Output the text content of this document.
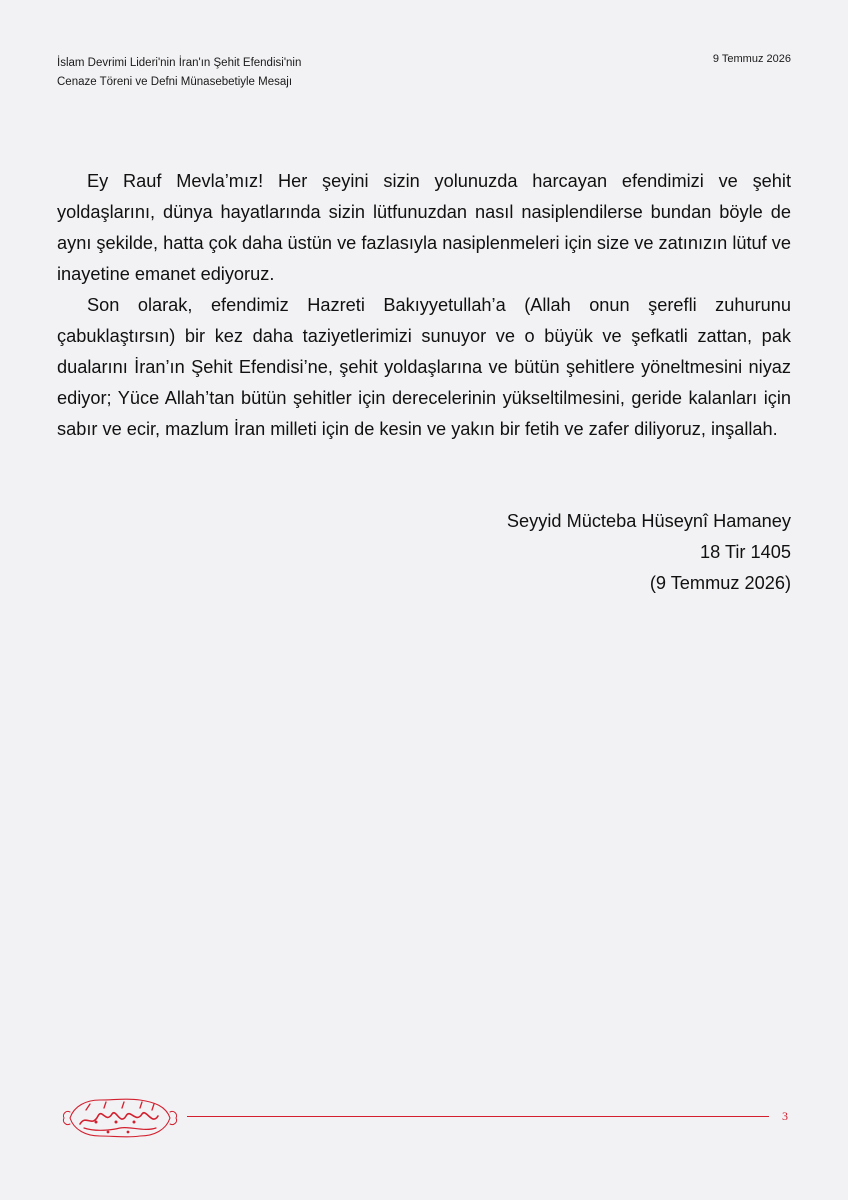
İslam Devrimi Lideri'nin İran'ın Şehit Efendisi'nin
Cenaze Töreni ve Defni Münasebetiyle Mesajı
9 Temmuz 2026

Ey Rauf Mevla’mız! Her şeyini sizin yolunuzda harcayan efendimizi ve şehit yoldaşlarını, dünya hayatlarında sizin lütfunuzdan nasıl nasiplendilerse bundan böyle de aynı şekilde, hatta çok daha üstün ve fazlasıyla nasiplenmeleri için size ve zatınızın lütuf ve inayetine emanet ediyoruz.

Son olarak, efendimiz Hazreti Bakıyyetullah’a (Allah onun şerefli zuhurunu çabuklaştırsın) bir kez daha taziyetlerimizi sunuyor ve o büyük ve şefkatli zattan, pak dualarını İran’ın Şehit Efendisi’ne, şehit yoldaşlarına ve bütün şehitlere yöneltmesini niyaz ediyor; Yüce Allah’tan bütün şehitler için derecelerinin yükseltilmesini, geride kalanları için sabır ve ecir, mazlum İran milleti için de kesin ve yakın bir fetih ve zafer diliyoruz, inşallah.

Seyyid Mücteba Hüseynî Hamaney
18 Tir 1405
(9 Temmuz 2026)
3
